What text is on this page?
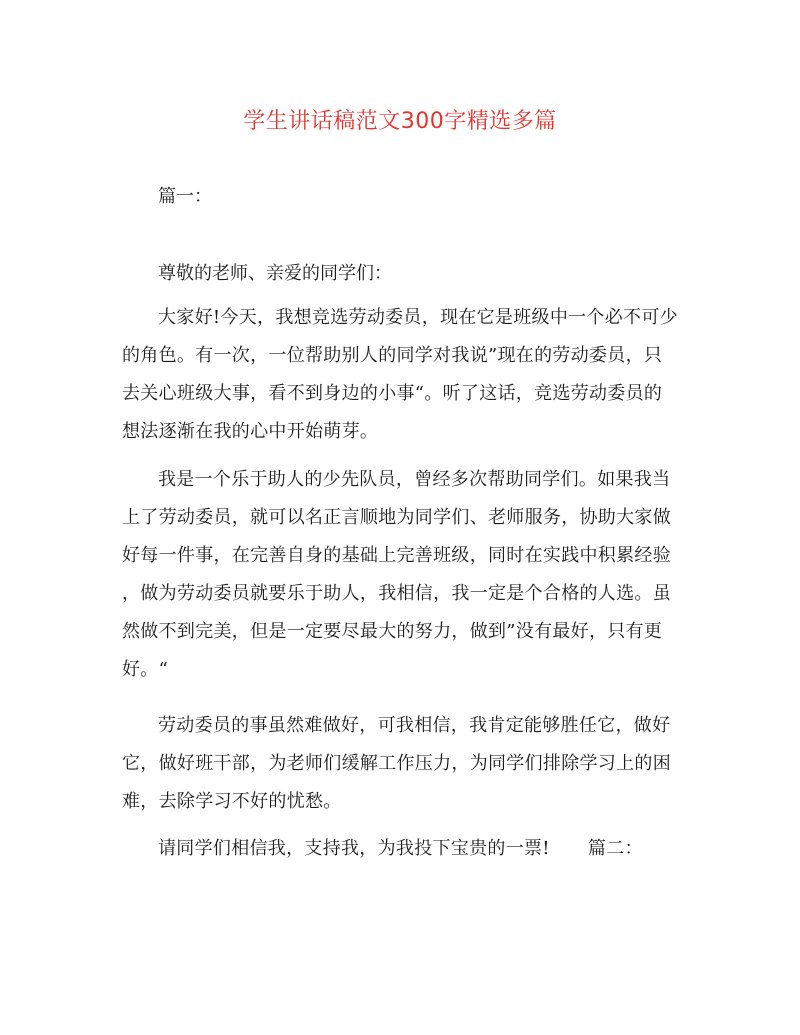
学生讲话稿范文300字精选多篇
篇一：
尊敬的老师、亲爱的同学们：
大家好!今天，我想竞选劳动委员，现在它是班级中一个必不可少
的角色。有一次，一位帮助别人的同学对我说”现在的劳动委员，只
去关心班级大事，看不到身边的小事“。听了这话，竞选劳动委员的
想法逐渐在我的心中开始萌芽。
我是一个乐于助人的少先队员，曾经多次帮助同学们。如果我当
上了劳动委员，就可以名正言顺地为同学们、老师服务，协助大家做
好每一件事，在完善自身的基础上完善班级，同时在实践中积累经验
，做为劳动委员就要乐于助人，我相信，我一定是个合格的人选。虽
然做不到完美，但是一定要尽最大的努力，做到”没有最好，只有更
好。“
劳动委员的事虽然难做好，可我相信，我肯定能够胜任它，做好
它，做好班干部，为老师们缓解工作压力，为同学们排除学习上的困
难，去除学习不好的忧愁。
请同学们相信我，支持我，为我投下宝贵的一票! 篇二：
